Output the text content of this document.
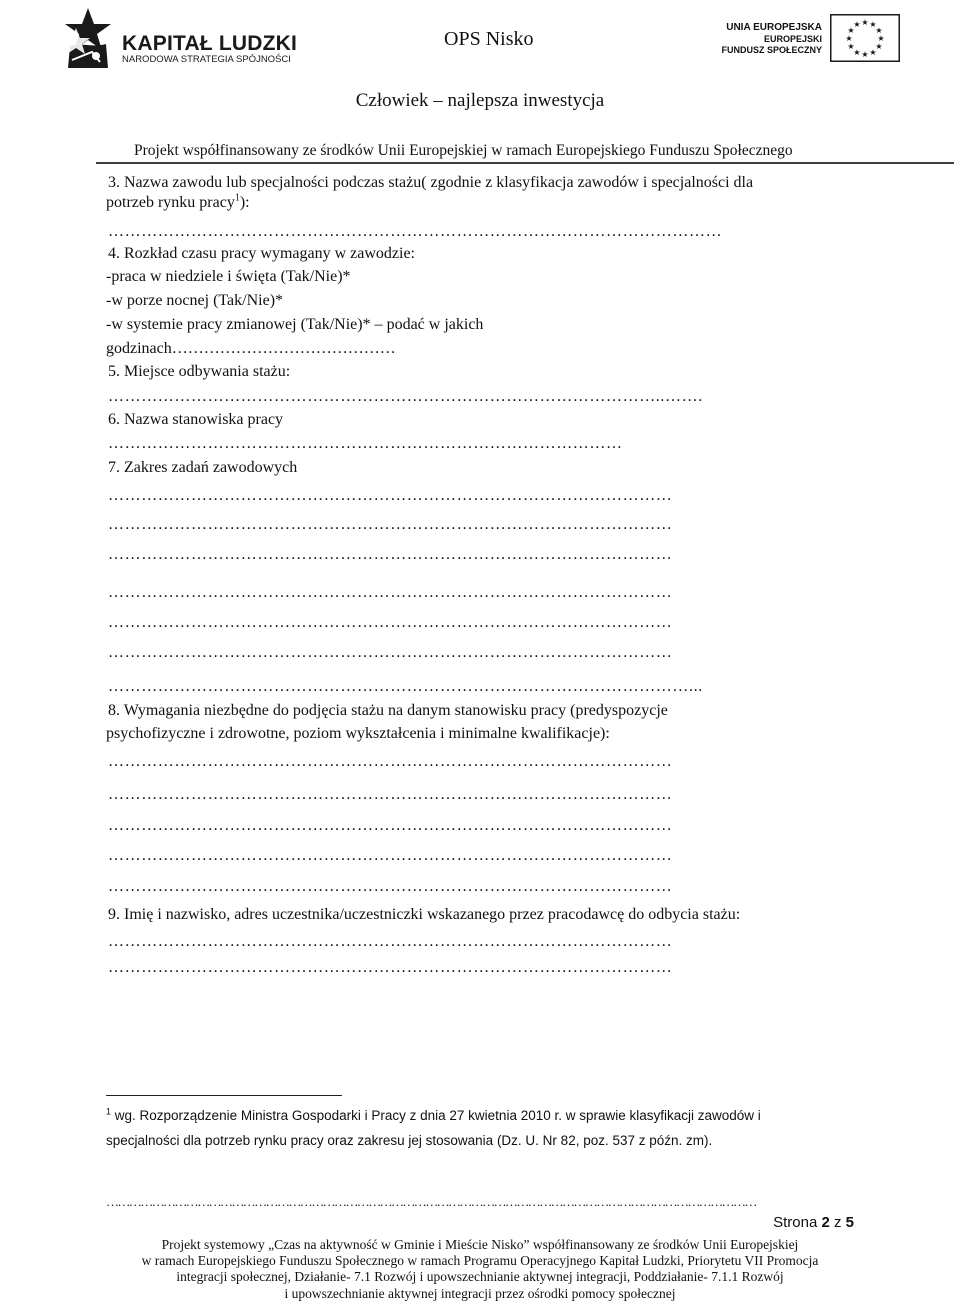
KAPITAŁ LUDZKI
NARODOWA STRATEGIA SPÓJNOŚCI
OPS Nisko
UNIA EUROPEJSKA
EUROPEJSKI
FUNDUSZ SPOŁECZNY
★ ★
★
★
★
★
★
★
★
★
★
★
Człowiek – najlepsza inwestycja
Projekt współfinansowany ze środków Unii Europejskiej w ramach Europejskiego Funduszu Społecznego
3. Nazwa zawodu lub specjalności podczas stażu( zgodnie z klasyfikacja zawodów i specjalności dla
potrzeb rynku pracy$^1$):
…………………………………………………………………………………………………
4. Rozkład czasu pracy wymagany w zawodzie:
-praca w niedziele i święta (Tak/Nie)*
-w porze nocnej (Tak/Nie)*
-w systemie pracy zmianowej (Tak/Nie)* – podać w jakich
godzinach……………………………………
5. Miejsce odbywania stażu:
………………………………………………………………………………………..…….
6. Nazwa stanowiska pracy
…………………………………………………………………………………
7. Zakres zadań zawodowych
…………………………………………………………………………………………
…………………………………………………………………………………………
…………………………………………………………………………………………
…………………………………………………………………………………………
…………………………………………………………………………………………
…………………………………………………………………………………………
……………………………………………………………………………………………...
8. Wymagania niezbędne do podjęcia stażu na danym stanowisku pracy (predyspozycje
psychofizyczne i zdrowotne, poziom wykształcenia i minimalne kwalifikacje):
…………………………………………………………………………………………
…………………………………………………………………………………………
…………………………………………………………………………………………
…………………………………………………………………………………………
…………………………………………………………………………………………
9. Imię i nazwisko, adres uczestnika/uczestniczki wskazanego przez pracodawcę do odbycia stażu:
…………………………………………………………………………………………
…………………………………………………………………………………………
$^1$ wg. Rozporządzenie Ministra Gospodarki i Pracy z dnia 27 kwietnia 2010 r. w sprawie klasyfikacji zawodów i
specjalności dla potrzeb rynku pracy oraz zakresu jej stosowania (Dz. U. Nr 82, poz. 537 z późn. zm).
………………………………………………………………………………………………………………………………………………………
Strona 2 z 5
Projekt systemowy „Czas na aktywność w Gminie i Mieście Nisko” współfinansowany ze środków Unii Europejskiej
w ramach Europejskiego Funduszu Społecznego w ramach Programu Operacyjnego Kapitał Ludzki, Priorytetu VII Promocja
integracji społecznej, Działanie- 7.1 Rozwój i upowszechnianie aktywnej integracji, Poddziałanie- 7.1.1 Rozwój
i upowszechnianie aktywnej integracji przez ośrodki pomocy społecznej
